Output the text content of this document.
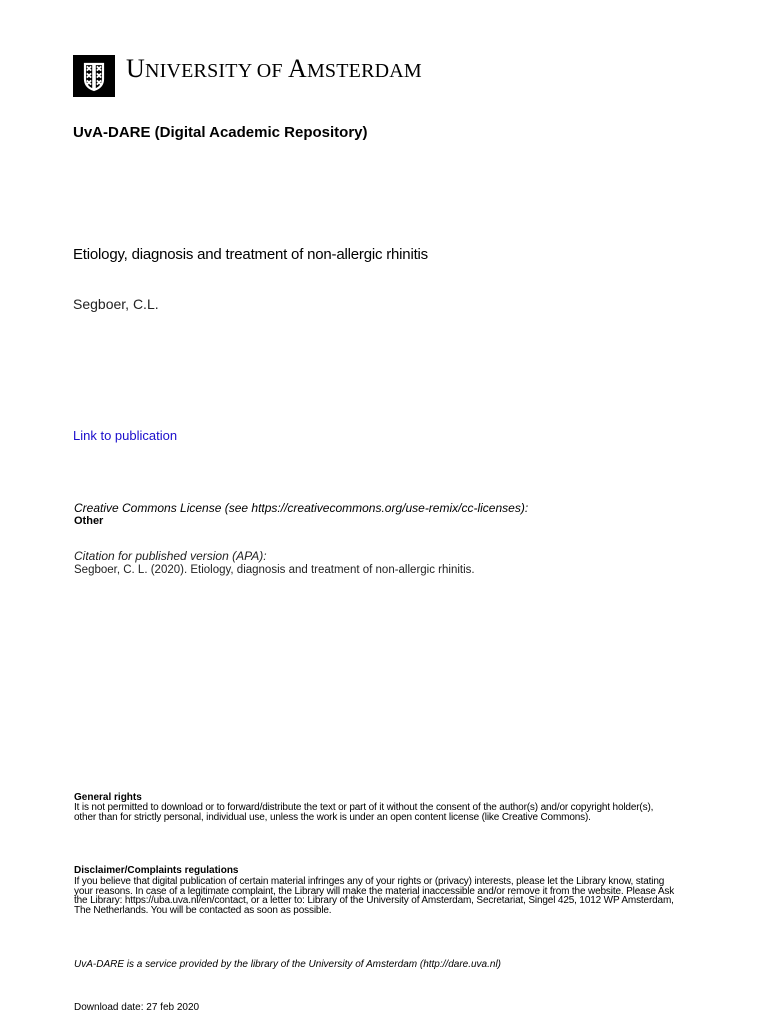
UNIVERSITY OF AMSTERDAM
UvA-DARE (Digital Academic Repository)
Etiology, diagnosis and treatment of non-allergic rhinitis
Segboer, C.L.
Link to publication
Creative Commons License (see https://creativecommons.org/use-remix/cc-licenses):
Other
Citation for published version (APA):
Segboer, C. L. (2020). Etiology, diagnosis and treatment of non-allergic rhinitis.
General rights
It is not permitted to download or to forward/distribute the text or part of it without the consent of the author(s) and/or copyright holder(s),
other than for strictly personal, individual use, unless the work is under an open content license (like Creative Commons).
Disclaimer/Complaints regulations
If you believe that digital publication of certain material infringes any of your rights or (privacy) interests, please let the Library know, stating
your reasons. In case of a legitimate complaint, the Library will make the material inaccessible and/or remove it from the website. Please Ask
the Library: https://uba.uva.nl/en/contact, or a letter to: Library of the University of Amsterdam, Secretariat, Singel 425, 1012 WP Amsterdam,
The Netherlands. You will be contacted as soon as possible.
UvA-DARE is a service provided by the library of the University of Amsterdam (http://dare.uva.nl)
Download date: 27 feb 2020
